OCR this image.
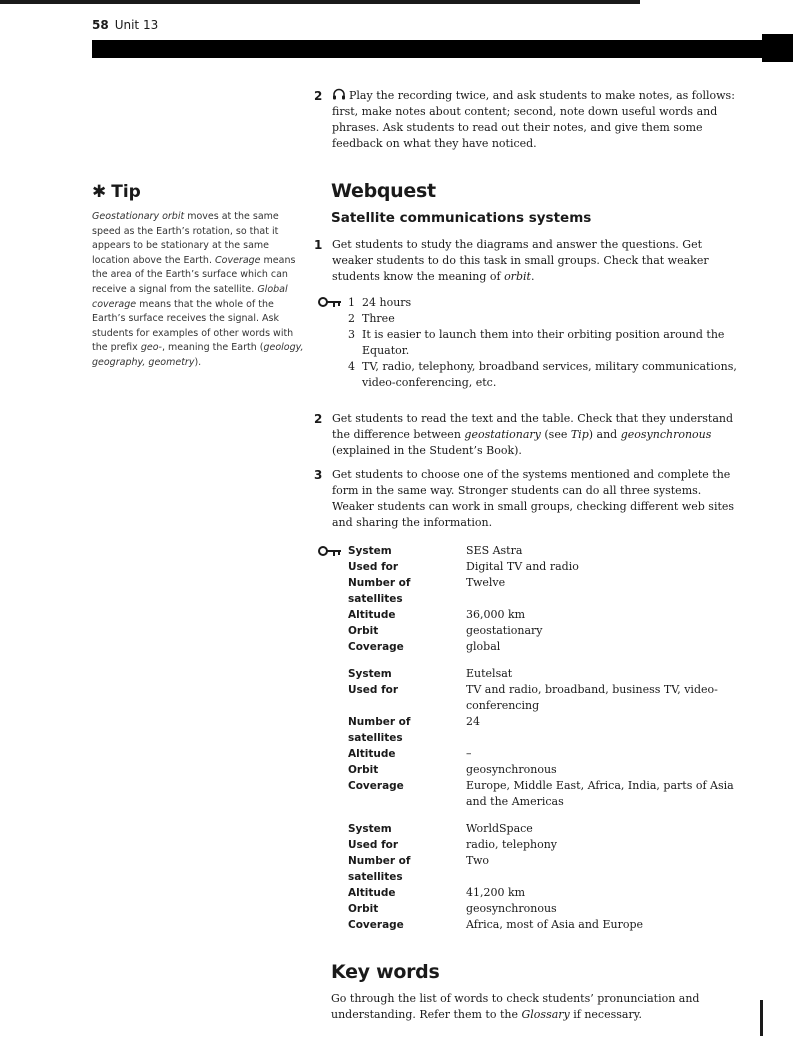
58 Unit 13
✱ Tip
Geostationary orbit moves at the same speed as the Earth’s rotation, so that it appears to be stationary at the same location above the Earth. Coverage means the area of the Earth’s surface which can receive a signal from the satellite. Global coverage means that the whole of the Earth’s surface receives the signal. Ask students for examples of other words with the prefix geo-, meaning the Earth (geology, geography, geometry).
2 Play the recording twice, and ask students to make notes, as follows: first, make notes about content; second, note down useful words and phrases. Ask students to read out their notes, and give them some feedback on what they have noticed.
Webquest
Satellite communications systems
1 Get students to study the diagrams and answer the questions. Get weaker students to do this task in small groups. Check that weaker students know the meaning of orbit.
1 24 hours
2 Three
3 It is easier to launch them into their orbiting position around the Equator.
4 TV, radio, telephony, broadband services, military communications, video-conferencing, etc.
2 Get students to read the text and the table. Check that they understand the difference between geostationary (see Tip) and geosynchronous (explained in the Student’s Book).
3 Get students to choose one of the systems mentioned and complete the form in the same way. Stronger students can do all three systems. Weaker students can work in small groups, checking different web sites and sharing the information.
System	SES Astra
Used for	Digital TV and radio
Number of satellites	Twelve
Altitude	36,000 km
Orbit	geostationary
Coverage	global
System	Eutelsat
Used for	TV and radio, broadband, business TV, video-conferencing
Number of satellites	24
Altitude	–
Orbit	geosynchronous
Coverage	Europe, Middle East, Africa, India, parts of Asia and the Americas
System	WorldSpace
Used for	radio, telephony
Number of satellites	Two
Altitude	41,200 km
Orbit	geosynchronous
Coverage	Africa, most of Asia and Europe
Key words
Go through the list of words to check students’ pronunciation and understanding. Refer them to the Glossary if necessary.
